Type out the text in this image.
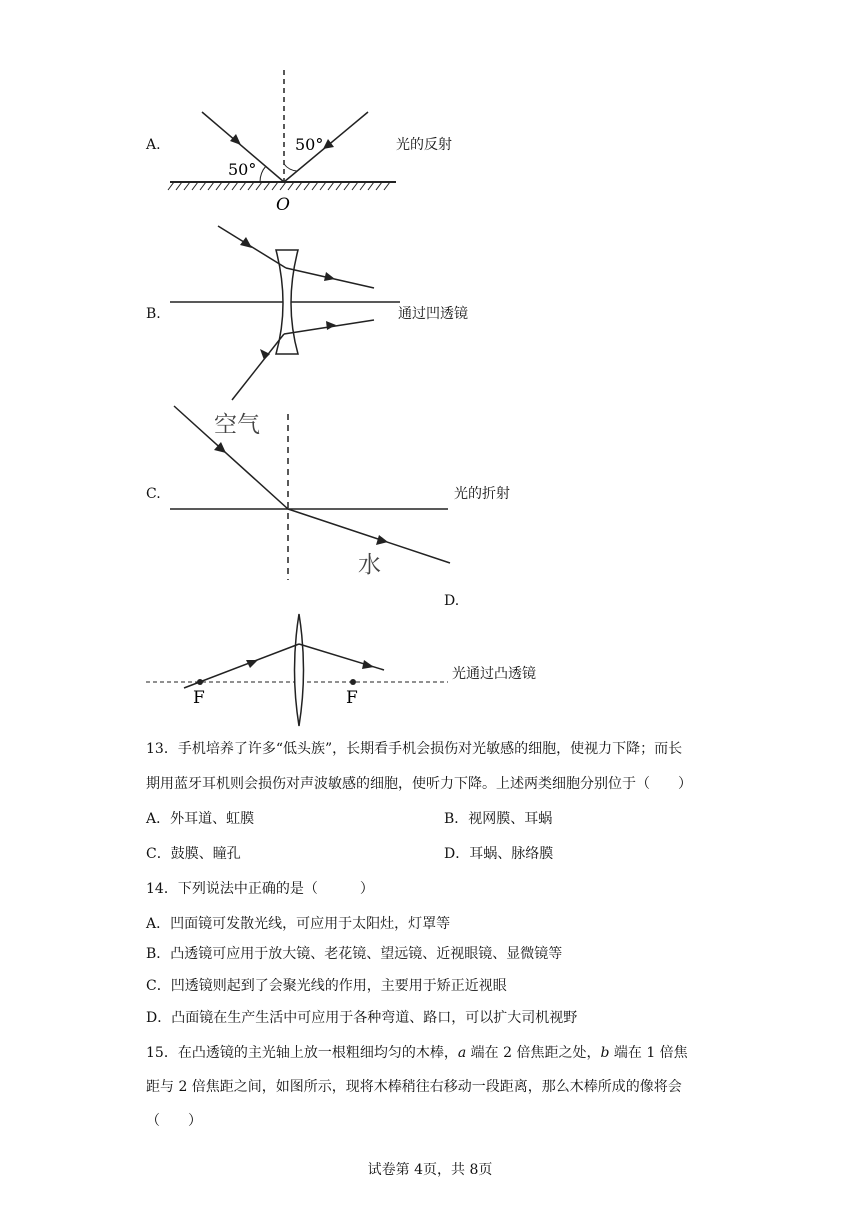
A.	光的反射
50°
50°
O
B.	通过凹透镜
C.	光的折射
空气
水
D.
光通过凸透镜
F	F
13．手机培养了许多“低头族”，长期看手机会损伤对光敏感的细胞，使视力下降；而长
期用蓝牙耳机则会损伤对声波敏感的细胞，使听力下降。上述两类细胞分别位于（　　）
A．外耳道、虹膜	B．视网膜、耳蜗
C．鼓膜、瞳孔	D．耳蜗、脉络膜
14．下列说法中正确的是（　　　）
A．凹面镜可发散光线，可应用于太阳灶，灯罩等
B．凸透镜可应用于放大镜、老花镜、望远镜、近视眼镜、显微镜等
C．凹透镜则起到了会聚光线的作用，主要用于矫正近视眼
D．凸面镜在生产生活中可应用于各种弯道、路口，可以扩大司机视野
15．在凸透镜的主光轴上放一根粗细均匀的木棒，a 端在 2 倍焦距之处，b 端在 1 倍焦
距与 2 倍焦距之间，如图所示，现将木棒稍往右移动一段距离，那么木棒所成的像将会
（　　）
试卷第 4页，共 8页
